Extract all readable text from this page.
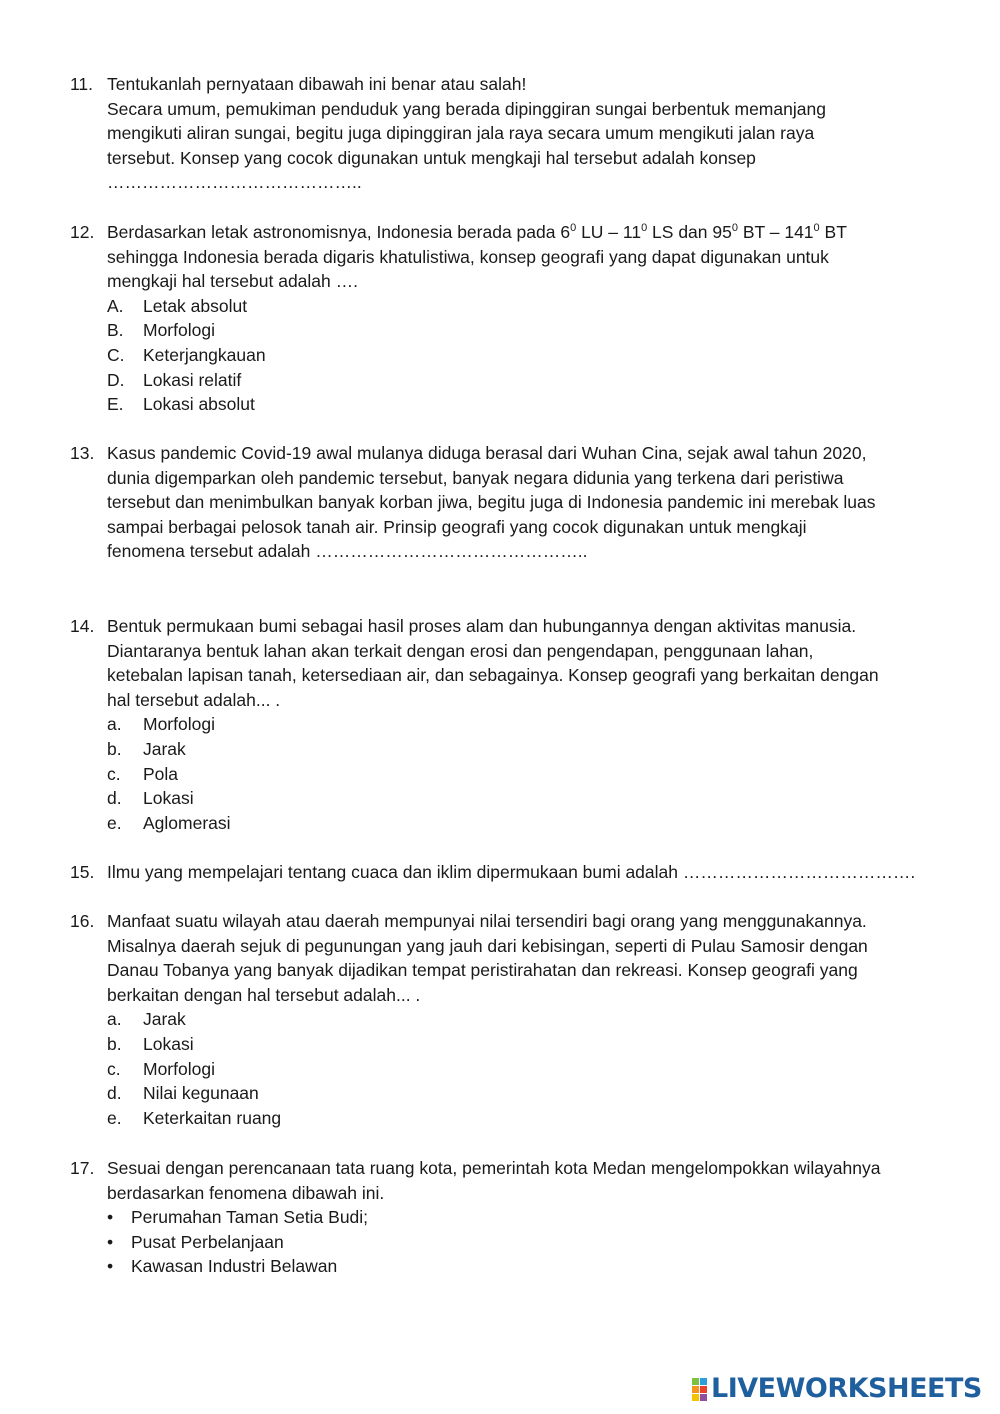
11. Tentukanlah pernyataan dibawah ini benar atau salah!

Secara umum, pemukiman penduduk yang berada dipinggiran sungai berbentuk memanjang

mengikuti aliran sungai, begitu juga dipinggiran jala raya secara umum mengikuti jalan raya

tersebut. Konsep yang cocok digunakan untuk mengkaji hal tersebut adalah konsep

……………………………………..

12. Berdasarkan letak astronomisnya, Indonesia berada pada $6^0$ LU – $11^0$ LS dan $95^0$ BT – $141^0$ BT

sehingga Indonesia berada digaris khatulistiwa, konsep geografi yang dapat digunakan untuk

mengkaji hal tersebut adalah ….

A. Letak absolut
B. Morfologi
C. Keterjangkauan
D. Lokasi relatif
E. Lokasi absolut
13. Kasus pandemic Covid-19 awal mulanya diduga berasal dari Wuhan Cina, sejak awal tahun 2020,

dunia digemparkan oleh pandemic tersebut, banyak negara didunia yang terkena dari peristiwa

tersebut dan menimbulkan banyak korban jiwa, begitu juga di Indonesia pandemic ini merebak luas

sampai berbagai pelosok tanah air. Prinsip geografi yang cocok digunakan untuk mengkaji

fenomena tersebut adalah ………………………………………..

14. Bentuk permukaan bumi sebagai hasil proses alam dan hubungannya dengan aktivitas manusia.

Diantaranya bentuk lahan akan terkait dengan erosi dan pengendapan, penggunaan lahan,

ketebalan lapisan tanah, ketersediaan air, dan sebagainya. Konsep geografi yang berkaitan dengan

hal tersebut adalah... .

a. Morfologi
b. Jarak
c. Pola
d. Lokasi
e. Aglomerasi
15. Ilmu yang mempelajari tentang cuaca dan iklim dipermukaan bumi adalah ………………………………….

16. Manfaat suatu wilayah atau daerah mempunyai nilai tersendiri bagi orang yang menggunakannya.

Misalnya daerah sejuk di pegunungan yang jauh dari kebisingan, seperti di Pulau Samosir dengan

Danau Tobanya yang banyak dijadikan tempat peristirahatan dan rekreasi. Konsep geografi yang

berkaitan dengan hal tersebut adalah... .

a. Jarak
b. Lokasi
c. Morfologi
d. Nilai kegunaan
e. Keterkaitan ruang
17. Sesuai dengan perencanaan tata ruang kota, pemerintah kota Medan mengelompokkan wilayahnya

berdasarkan fenomena dibawah ini.

• Perumahan Taman Setia Budi;
• Pusat Perbelanjaan
• Kawasan Industri Belawan
LIVEWORKSHEETS
